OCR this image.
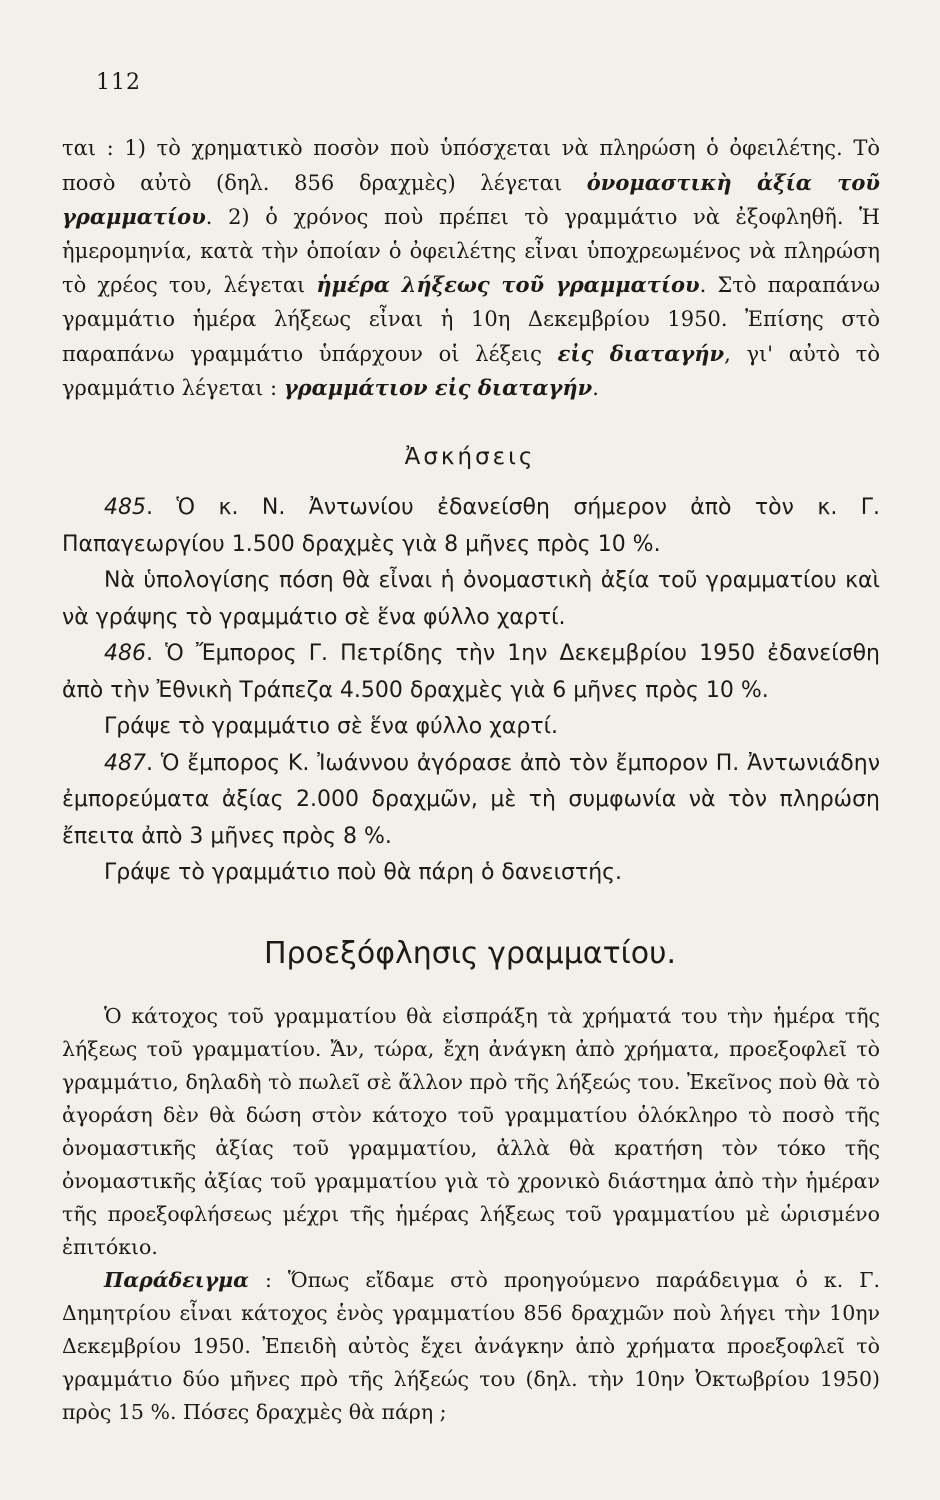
112

ται : 1) τὸ χρηματικὸ ποσὸν ποὺ ὑπόσχεται νὰ πληρώση ὁ ὀφειλέτης. Τὸ ποσὸ αὐτὸ (δηλ. 856 δραχμὲς) λέγεται ὀνομαστικὴ ἀξία τοῦ γραμματίου. 2) ὁ χρόνος ποὺ πρέπει τὸ γραμμάτιο νὰ ἐξοφληθῆ. Ἡ ἡμερομηνία, κατὰ τὴν ὁποίαν ὁ ὀφειλέτης εἶναι ὑποχρεωμένος νὰ πληρώση τὸ χρέος του, λέγεται ἡμέρα λήξεως τοῦ γραμματίου. Στὸ παραπάνω γραμμάτιο ἡμέρα λήξεως εἶναι ἡ 10η Δεκεμβρίου 1950. Ἐπίσης στὸ παραπάνω γραμμάτιο ὑπάρχουν οἱ λέξεις εἰς διαταγήν, γι' αὐτὸ τὸ γραμμάτιο λέγεται : γραμμάτιον εἰς διαταγήν.

Ἀσκήσεις

485. Ὁ κ. Ν. Ἀντωνίου ἐδανείσθη σήμερον ἀπὸ τὸν κ. Γ. Παπαγεωργίου 1.500 δραχμὲς γιὰ 8 μῆνες πρὸς 10 %.

Νὰ ὑπολογίσης πόση θὰ εἶναι ἡ ὀνομαστικὴ ἀξία τοῦ γραμματίου καὶ νὰ γράψης τὸ γραμμάτιο σὲ ἕνα φύλλο χαρτί.

486. Ὁ Ἔμπορος Γ. Πετρίδης τὴν 1ην Δεκεμβρίου 1950 ἐδανείσθη ἀπὸ τὴν Ἐθνικὴ Τράπεζα 4.500 δραχμὲς γιὰ 6 μῆνες πρὸς 10 %.

Γράψε τὸ γραμμάτιο σὲ ἕνα φύλλο χαρτί.

487. Ὁ ἔμπορος Κ. Ἰωάννου ἀγόρασε ἀπὸ τὸν ἔμπορον Π. Ἀντωνιάδην ἐμπορεύματα ἀξίας 2.000 δραχμῶν, μὲ τὴ συμφωνία νὰ τὸν πληρώση ἔπειτα ἀπὸ 3 μῆνες πρὸς 8 %.

Γράψε τὸ γραμμάτιο ποὺ θὰ πάρη ὁ δανειστής.

Προεξόφλησις γραμματίου.

Ὁ κάτοχος τοῦ γραμματίου θὰ εἰσπράξη τὰ χρήματά του τὴν ἡμέρα τῆς λήξεως τοῦ γραμματίου. Ἄν, τώρα, ἔχη ἀνάγκη ἀπὸ χρήματα, προεξοφλεῖ τὸ γραμμάτιο, δηλαδὴ τὸ πωλεῖ σὲ ἄλλον πρὸ τῆς λήξεώς του. Ἐκεῖνος ποὺ θὰ τὸ ἀγοράση δὲν θὰ δώση στὸν κάτοχο τοῦ γραμματίου ὁλόκληρο τὸ ποσὸ τῆς ὀνομαστικῆς ἀξίας τοῦ γραμματίου, ἀλλὰ θὰ κρατήση τὸν τόκο τῆς ὀνομαστικῆς ἀξίας τοῦ γραμματίου γιὰ τὸ χρονικὸ διάστημα ἀπὸ τὴν ἡμέραν τῆς προεξοφλήσεως μέχρι τῆς ἡμέρας λήξεως τοῦ γραμματίου μὲ ὡρισμένο ἐπιτόκιο.

Παράδειγμα : Ὅπως εἴδαμε στὸ προηγούμενο παράδειγμα ὁ κ. Γ. Δημητρίου εἶναι κάτοχος ἑνὸς γραμματίου 856 δραχμῶν ποὺ λήγει τὴν 10ην Δεκεμβρίου 1950. Ἐπειδὴ αὐτὸς ἔχει ἀνάγκην ἀπὸ χρήματα προεξοφλεῖ τὸ γραμμάτιο δύο μῆνες πρὸ τῆς λήξεώς του (δηλ. τὴν 10ην Ὀκτωβρίου 1950) πρὸς 15 %. Πόσες δραχμὲς θὰ πάρη ;
